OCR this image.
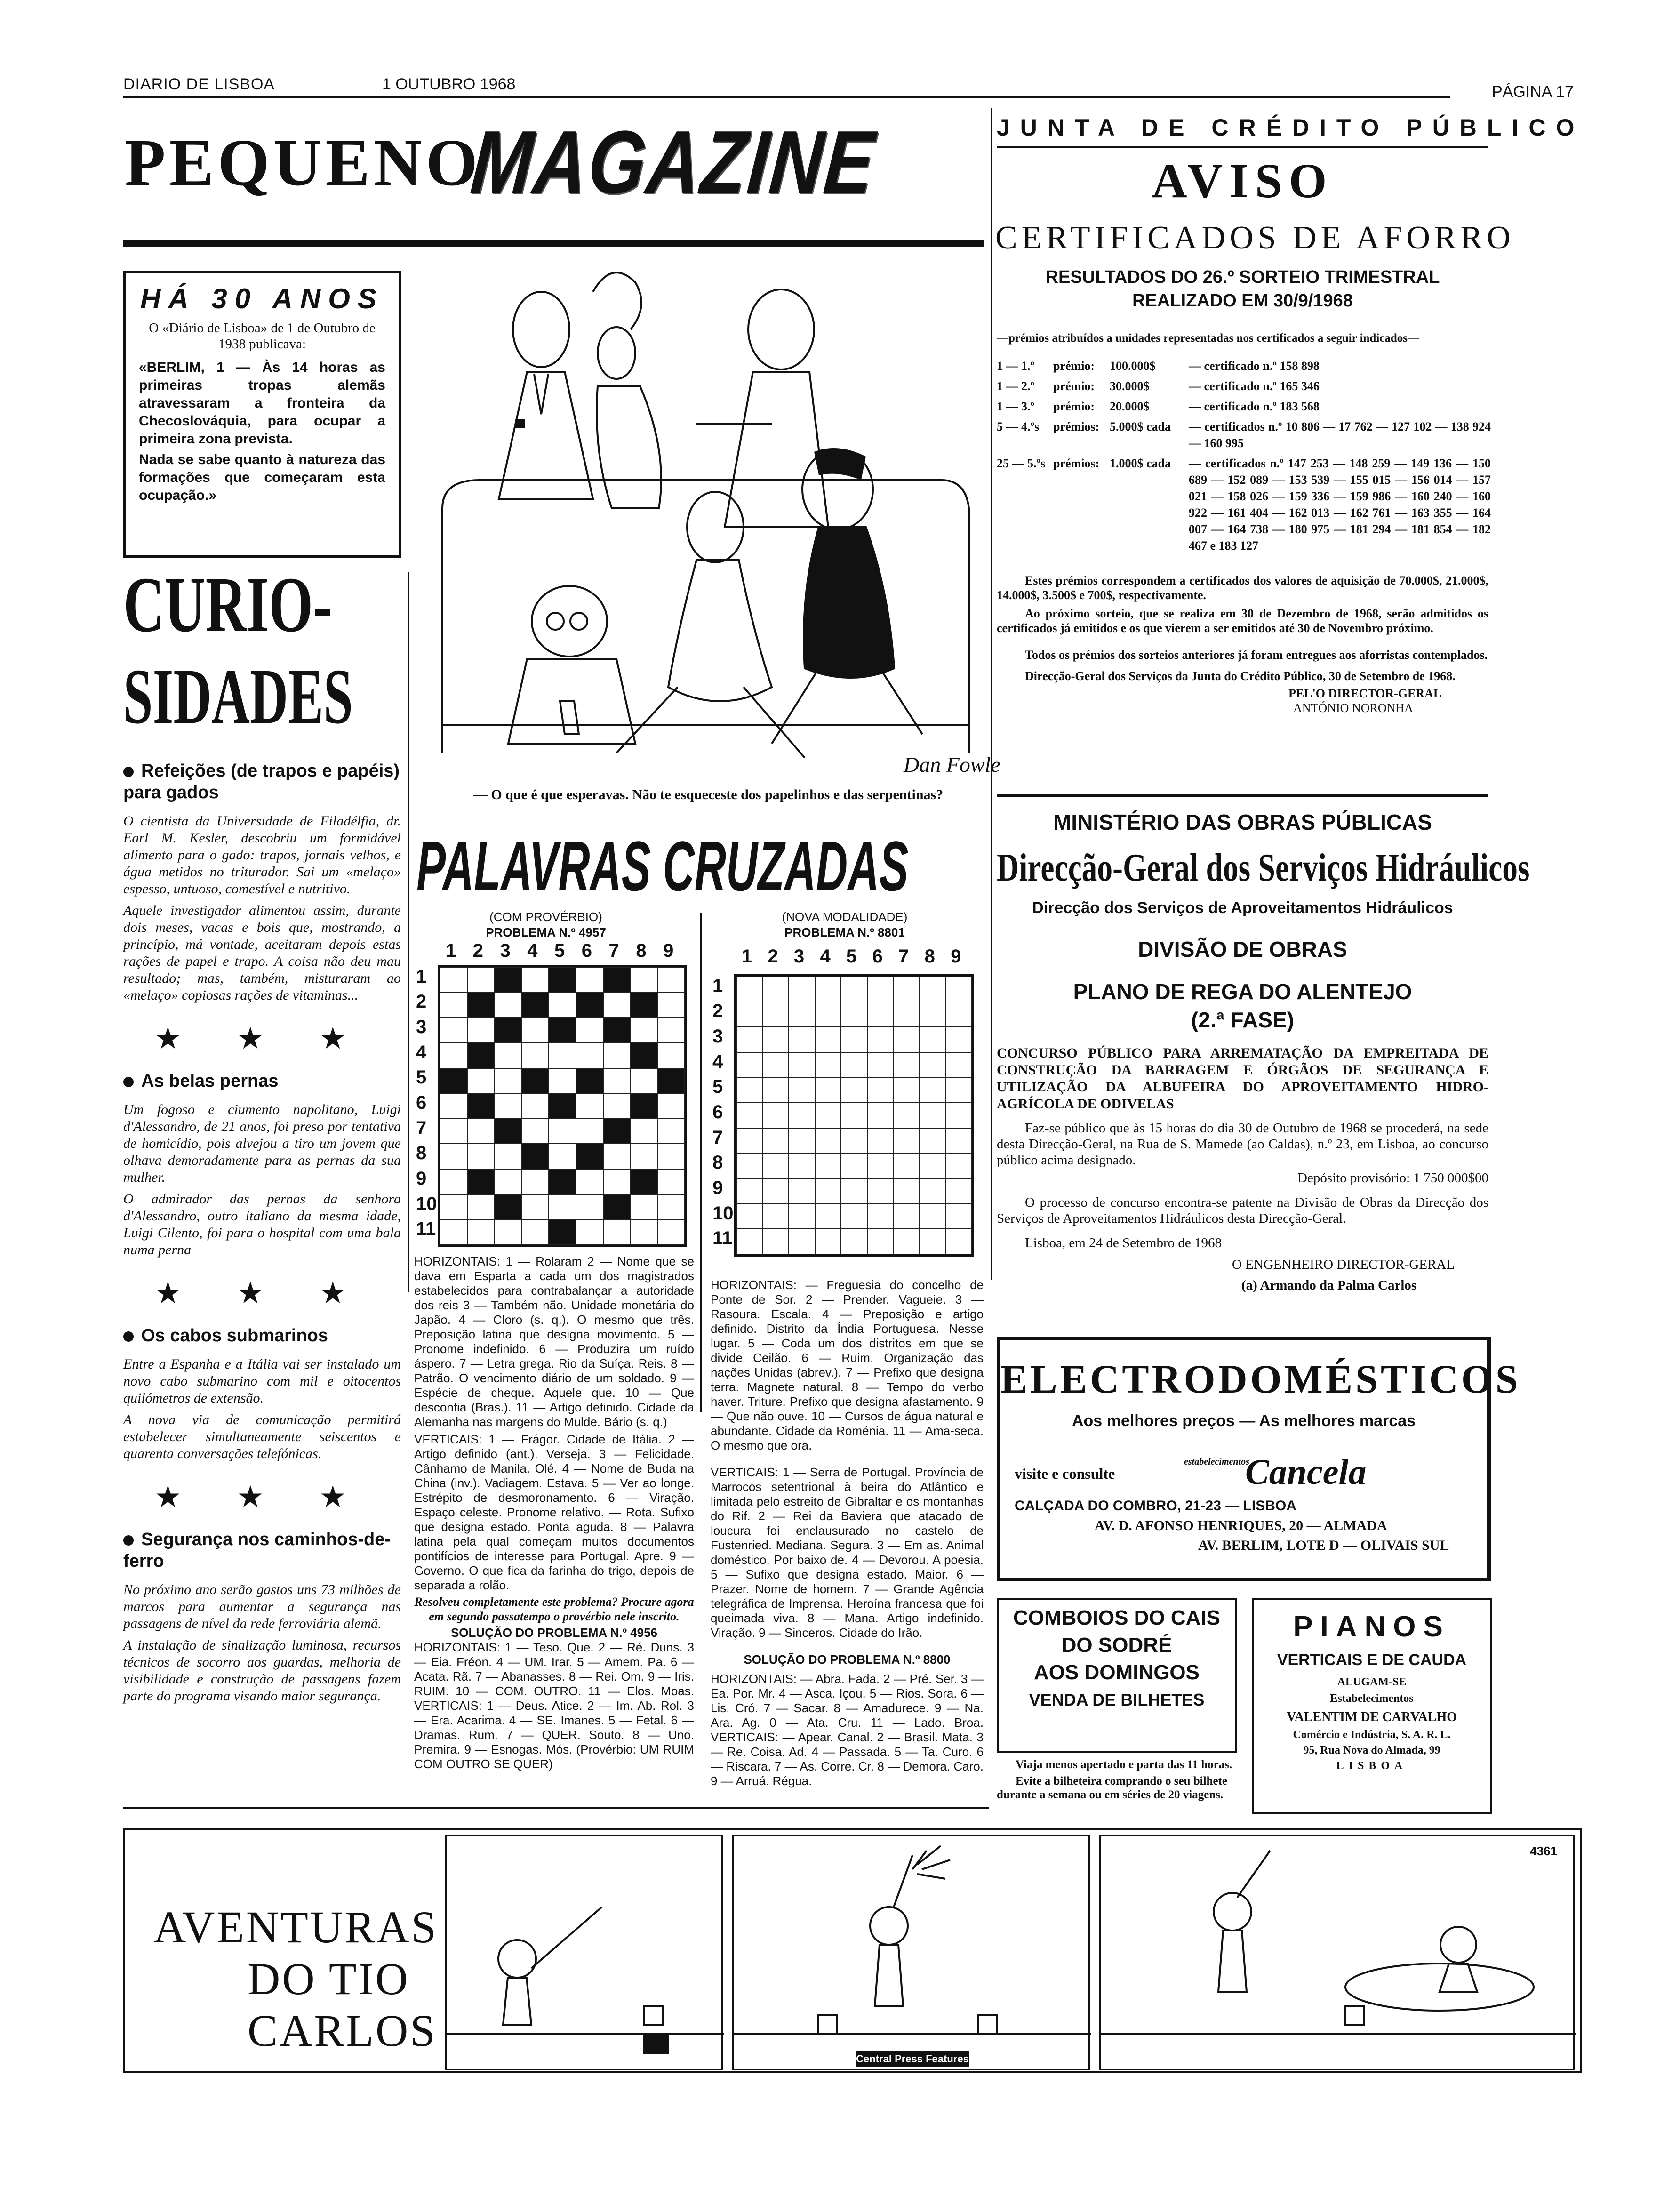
DIARIO DE LISBOA	1 OUTUBRO 1968	PÁGINA 17
PEQUENO
MAGAZINE
HÁ 30 ANOS
O «Diário de Lisboa» de 1 de Outubro de 1938 publicava:
«BERLIM, 1 — Às 14 horas as primeiras tropas alemãs atravessaram a fronteira da Checoslováquia, para ocupar a primeira zona prevista.
Nada se sabe quanto à natureza das formações que começaram esta ocupação.»
CURIO-
SIDADES
Refeições (de trapos e papéis) para gados

O cientista da Universidade de Filadélfia, dr. Earl M. Kesler, descobriu um formidável alimento para o gado: trapos, jornais velhos, e água metidos no triturador. Sai um «melaço» espesso, untuoso, comestível e nutritivo.

Aquele investigador alimentou assim, durante dois meses, vacas e bois que, mostrando, a princípio, má vontade, aceitaram depois estas rações de papel e trapo. A coisa não deu mau resultado; mas, também, misturaram ao «melaço» copiosas rações de vitaminas...

★ ★ ★
As belas pernas

Um fogoso e ciumento napolitano, Luigi d'Alessandro, de 21 anos, foi preso por tentativa de homicídio, pois alvejou a tiro um jovem que olhava demoradamente para as pernas da sua mulher.

O admirador das pernas da senhora d'Alessandro, outro italiano da mesma idade, Luigi Cilento, foi para o hospital com uma bala numa perna

★ ★ ★
Os cabos submarinos

Entre a Espanha e a Itália vai ser instalado um novo cabo submarino com mil e oitocentos quilómetros de extensão.

A nova via de comunicação permitirá estabelecer simultaneamente seiscentos e quarenta conversações telefónicas.

★ ★ ★
Segurança nos caminhos-de-ferro

No próximo ano serão gastos uns 73 milhões de marcos para aumentar a segurança nas passagens de nível da rede ferroviária alemã.

A instalação de sinalização luminosa, recursos técnicos de socorro aos guardas, melhoria de visibilidade e construção de passagens fazem parte do programa visando maior segurança.

Dan Fowle
— O que é que esperavas. Não te esqueceste dos papelinhos e das serpentinas?
PALAVRAS CRUZADAS
(COM PROVÉRBIO)
PROBLEMA N.º 4957
1 2 3 4 5 6 7 8 9
1
2
3
4
5
6
7
8
9
10
11
(NOVA MODALIDADE)
PROBLEMA N.º 8801
1 2 3 4 5 6 7 8 9
1
2
3
4
5
6
7
8
9
10
11
HORIZONTAIS: 1 — Rolaram 2 — Nome que se dava em Esparta a cada um dos magistrados estabelecidos para contrabalançar a autoridade dos reis 3 — Também não. Unidade monetária do Japão. 4 — Cloro (s. q.). O mesmo que três. Preposição latina que designa movimento. 5 — Pronome indefinido. 6 — Produzira um ruído áspero. 7 — Letra grega. Rio da Suíça. Reis. 8 — Patrão. O vencimento diário de um soldado. 9 — Espécie de cheque. Aquele que. 10 — Que desconfia (Bras.). 11 — Artigo definido. Cidade da Alemanha nas margens do Mulde. Bário (s. q.)
VERTICAIS: 1 — Frágor. Cidade de Itália. 2 — Artigo definido (ant.). Verseja. 3 — Felicidade. Cânhamo de Manila. Olé. 4 — Nome de Buda na China (inv.). Vadiagem. Estava. 5 — Ver ao longe. Estrépito de desmoronamento. 6 — Viração. Espaço celeste. Pronome relativo. — Rota. Sufixo que designa estado. Ponta aguda. 8 — Palavra latina pela qual começam muitos documentos pontifícios de interesse para Portugal. Apre. 9 — Governo. O que fica da farinha do trigo, depois de separada a rolão.
Resolveu completamente este problema? Procure agora em segundo passatempo o provérbio nele inscrito.
SOLUÇÃO DO PROBLEMA N.º 4956
HORIZONTAIS: 1 — Teso. Que. 2 — Ré. Duns. 3 — Eia. Fréon. 4 — UM. Irar. 5 — Amem. Pa. 6 — Acata. Rã. 7 — Abanasses. 8 — Rei. Om. 9 — Iris. RUIM. 10 — COM. OUTRO. 11 — Elos. Moas. VERTICAIS: 1 — Deus. Atice. 2 — Im. Ab. Rol. 3 — Era. Acarima. 4 — SE. Imanes. 5 — Fetal. 6 — Dramas. Rum. 7 — QUER. Souto. 8 — Uno. Premira. 9 — Esnogas. Mós. (Provérbio: UM RUIM COM OUTRO SE QUER)
HORIZONTAIS: — Freguesia do concelho de Ponte de Sor. 2 — Prender. Vagueie. 3 — Rasoura. Escala. 4 — Preposição e artigo definido. Distrito da Índia Portuguesa. Nesse lugar. 5 — Coda um dos distritos em que se divide Ceilão. 6 — Ruim. Organização das nações Unidas (abrev.). 7 — Prefixo que designa terra. Magnete natural. 8 — Tempo do verbo haver. Triture. Prefixo que designa afastamento. 9 — Que não ouve. 10 — Cursos de água natural e abundante. Cidade da Roménia. 11 — Ama-seca. O mesmo que ora.
VERTICAIS: 1 — Serra de Portugal. Província de Marrocos setentrional à beira do Atlântico e limitada pelo estreito de Gibraltar e os montanhas do Rif. 2 — Rei da Baviera que atacado de loucura foi enclausurado no castelo de Fustenried. Mediana. Segura. 3 — Em as. Animal doméstico. Por baixo de. 4 — Devorou. A poesia. 5 — Sufixo que designa estado. Maior. 6 — Prazer. Nome de homem. 7 — Grande Agência telegráfica de Imprensa. Heroína francesa que foi queimada viva. 8 — Mana. Artigo indefinido. Viração. 9 — Sinceros. Cidade do Irão.
SOLUÇÃO DO PROBLEMA N.º 8800
HORIZONTAIS: — Abra. Fada. 2 — Pré. Ser. 3 — Ea. Por. Mr. 4 — Asca. Içou. 5 — Rios. Sora. 6 — Lis. Cró. 7 — Sacar. 8 — Amadurece. 9 — Na. Ara. Ag. 0 — Ata. Cru. 11 — Lado. Broa. VERTICAIS: — Apear. Canal. 2 — Brasil. Mata. 3 — Re. Coisa. Ad. 4 — Passada. 5 — Ta. Curo. 6 — Riscara. 7 — As. Corre. Cr. 8 — Demora. Caro. 9 — Arruá. Régua.
JUNTA DE CRÉDITO PÚBLICO
AVISO
CERTIFICADOS DE AFORRO
RESULTADOS DO 26.º SORTEIO TRIMESTRAL
REALIZADO EM 30/9/1968
—prémios atribuídos a unidades representadas nos certificados a seguir indicados—
1 — 1.º	prémio:	100.000$	— certificado n.º 158 898
1 — 2.º	prémio:	30.000$	— certificado n.º 165 346
1 — 3.º	prémio:	20.000$	— certificado n.º 183 568
5 — 4.ºs	prémios: 5.000$ cada	— certificados n.º 10 806 — 17 762 — 127 102 — 138 924 — 160 995
25 — 5.ºs prémios: 1.000$ cada	— certificados n.º 147 253 — 148 259 — 149 136 — 150 689 — 152 089 — 153 539 — 155 015 — 156 014 — 157 021 — 158 026 — 159 336 — 159 986 — 160 240 — 160 922 — 161 404 — 162 013 — 162 761 — 163 355 — 164 007 — 164 738 — 180 975 — 181 294 — 181 854 — 182 467 e 183 127

Estes prémios correspondem a certificados dos valores de aquisição de 70.000$, 21.000$, 14.000$, 3.500$ e 700$, respectivamente.

Ao próximo sorteio, que se realiza em 30 de Dezembro de 1968, serão admitidos os certificados já emitidos e os que vierem a ser emitidos até 30 de Novembro próximo.

Todos os prémios dos sorteios anteriores já foram entregues aos aforristas contemplados.

Direcção-Geral dos Serviços da Junta do Crédito Público, 30 de Setembro de 1968.

PEL'O DIRECTOR-GERAL
ANTÓNIO NORONHA
MINISTÉRIO DAS OBRAS PÚBLICAS
Direcção-Geral dos Serviços Hidráulicos
Direcção dos Serviços de Aproveitamentos Hidráulicos
DIVISÃO DE OBRAS
PLANO DE REGA DO ALENTEJO
(2.ª FASE)
CONCURSO PÚBLICO PARA ARREMATAÇÃO DA EMPREITADA DE CONSTRUÇÃO DA BARRAGEM E ÓRGÃOS DE SEGURANÇA E UTILIZAÇÃO DA ALBUFEIRA DO APROVEITAMENTO HIDRO-AGRÍCOLA DE ODIVELAS

Faz-se público que às 15 horas do dia 30 de Outubro de 1968 se procederá, na sede desta Direcção-Geral, na Rua de S. Mamede (ao Caldas), n.º 23, em Lisboa, ao concurso público acima designado.

Depósito provisório: 1 750 000$00

O processo de concurso encontra-se patente na Divisão de Obras da Direcção dos Serviços de Aproveitamentos Hidráulicos desta Direcção-Geral.

Lisboa, em 24 de Setembro de 1968
O ENGENHEIRO DIRECTOR-GERAL
(a) Armando da Palma Carlos
ELECTRODOMÉSTICOS
Aos melhores preços — As melhores marcas
visite e consulte
estabelecimentos
Cancela
CALÇADA DO COMBRO, 21-23 — LISBOA
AV. D. AFONSO HENRIQUES, 20 — ALMADA
AV. BERLIM, LOTE D — OLIVAIS SUL
COMBOIOS DO CAIS
DO SODRÉ
AOS DOMINGOS
VENDA DE BILHETES
Viaja menos apertado e parta das 11 horas.
Evite a bilheteira comprando o seu bilhete durante a semana ou em séries de 20 viagens.
PIANOS
VERTICAIS E DE CAUDA
ALUGAM-SE
Estabelecimentos
VALENTIM DE CARVALHO
Comércio e Indústria, S. A. R. L.
95, Rua Nova do Almada, 99
LISBOA
AVENTURAS
DO TIO
CARLOS
Central Press Features
4361
